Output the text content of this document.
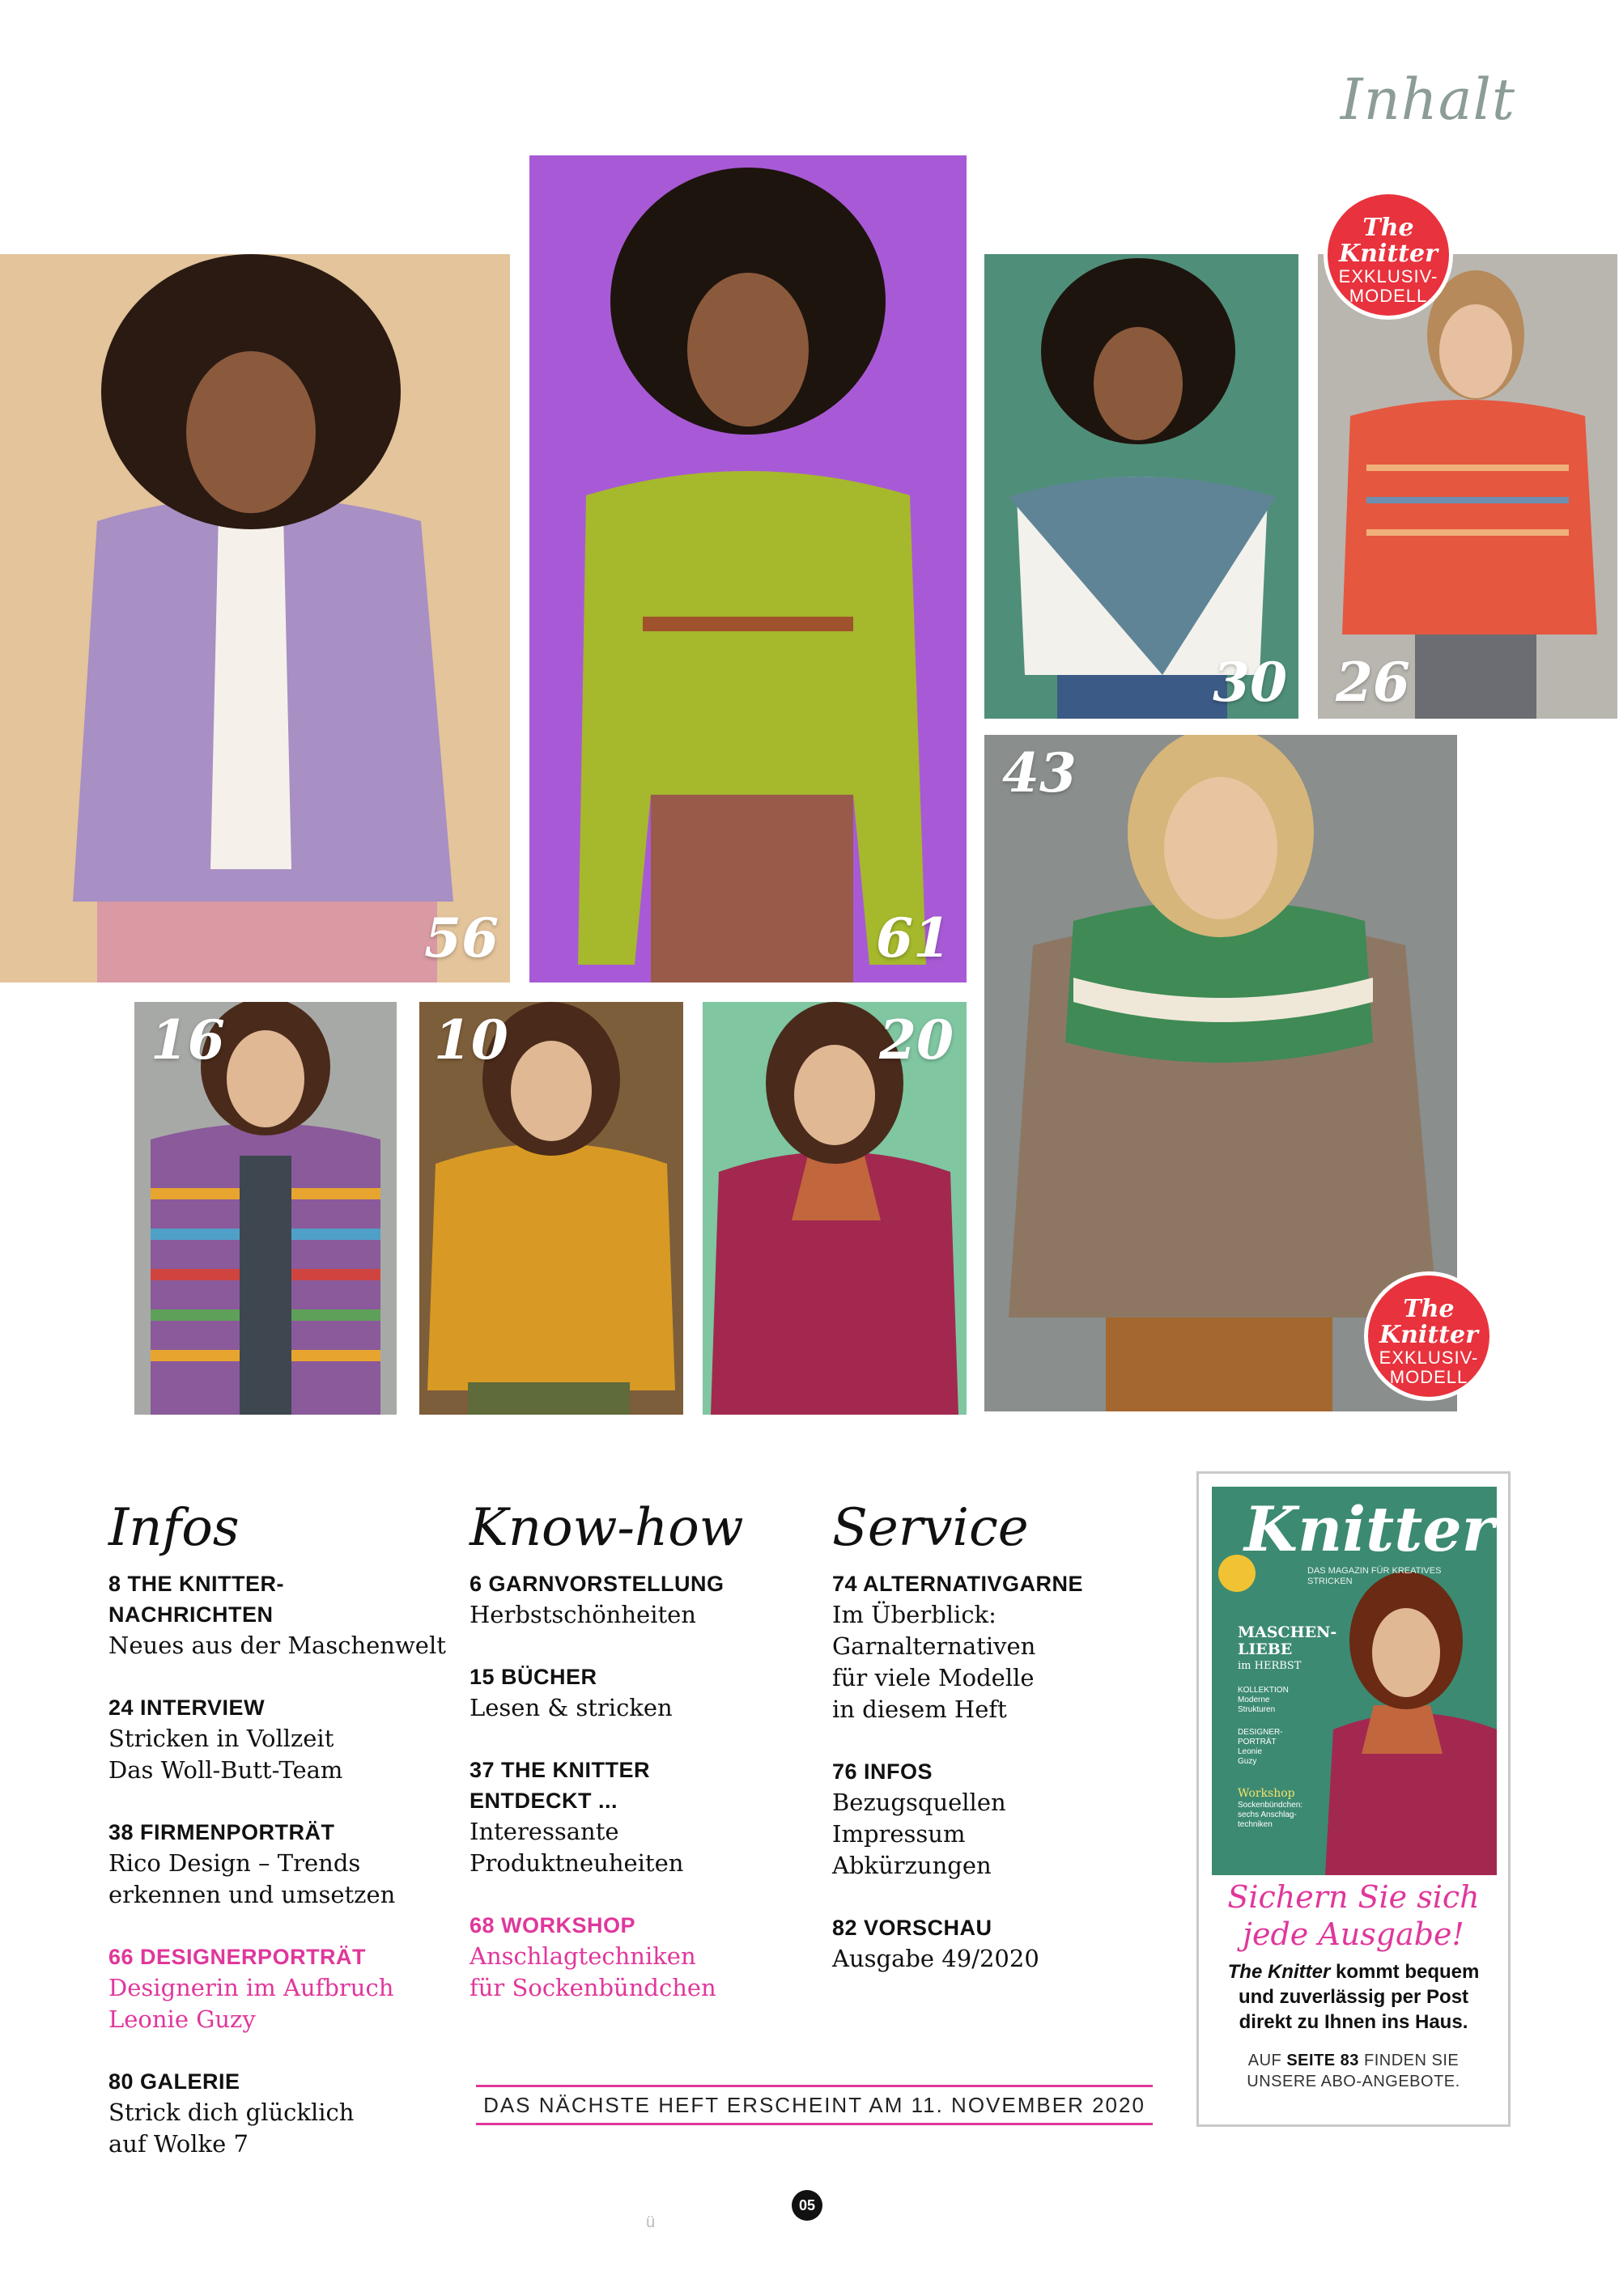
Inhalt
56	61
30 26
43
16	10	20
The Knitter
EXKLUSIV-
MODELL
The Knitter
EXKLUSIV-
MODELL
Infos
8 THE KNITTER-NACHRICHTEN
Neues aus der Maschenwelt
24 INTERVIEW
Stricken in Vollzeit
Das Woll-Butt-Team
38 FIRMENPORTRÄT
Rico Design – Trends
erkennen und umsetzen
66 DESIGNERPORTRÄT
Designerin im Aufbruch
Leonie Guzy
80 GALERIE
Strick dich glücklich
auf Wolke 7
Know-how
6 GARNVORSTELLUNG
Herbstschönheiten
15 BÜCHER
Lesen & stricken
37 THE KNITTER
ENTDECKT ...
Interessante
Produktneuheiten
68 WORKSHOP
Anschlagtechniken
für Sockenbündchen
Service
74 ALTERNATIVGARNE
Im Überblick:
Garnalternativen
für viele Modelle
in diesem Heft
76 INFOS
Bezugsquellen
Impressum
Abkürzungen
82 VORSCHAU
Ausgabe 49/2020
DAS NÄCHSTE HEFT ERSCHEINT AM 11. NOVEMBER 2020
Knitter
DAS MAGAZIN FÜR KREATIVES STRICKEN
MASCHEN-
LIEBE
im HERBST
KOLLEKTION
Moderne
Strukturen
DESIGNER-
PORTRÄT
Leonie
Guzy
Workshop
Sockenbündchen:
sechs Anschlag-
techniken
Sichern Sie sich
jede Ausgabe!
The Knitter kommt bequem
und zuverlässig per Post
direkt zu Ihnen ins Haus.
AUF SEITE 83 FINDEN SIE
UNSERE ABO-ANGEBOTE.
ü
05
